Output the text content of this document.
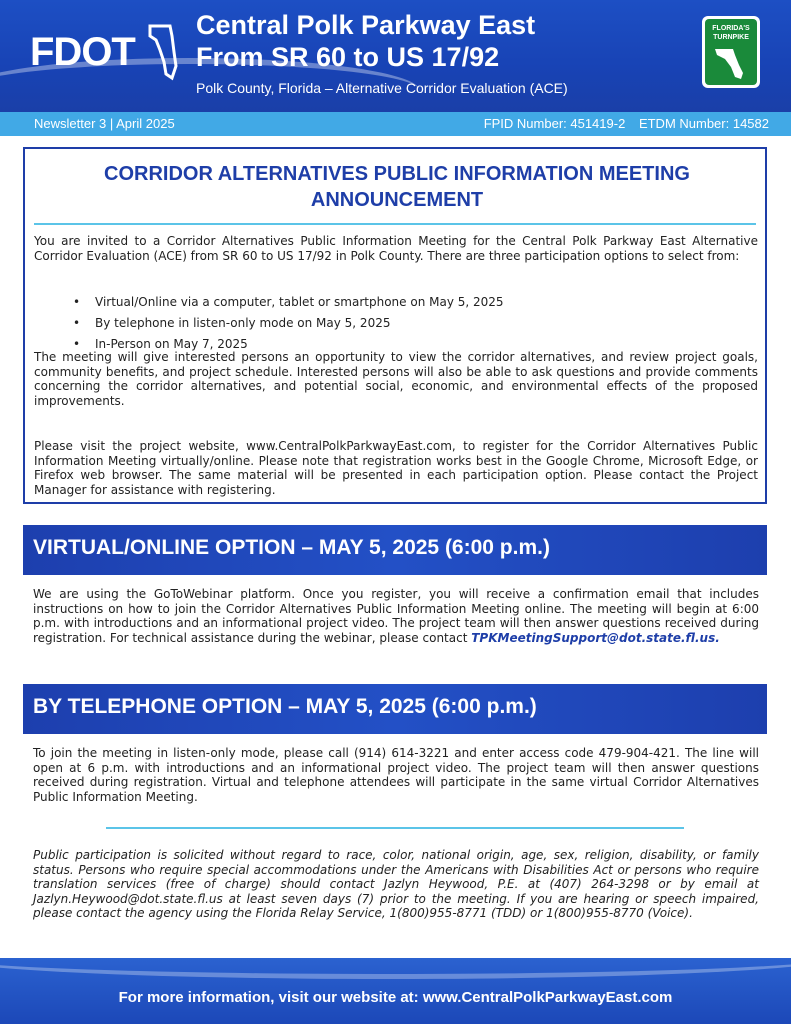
FDOT
Central Polk Parkway East
From SR 60 to US 17/92
Polk County, Florida – Alternative Corridor Evaluation (ACE)
FLORIDA'S TURNPIKE
Newsletter 3 | April 2025	FPID Number: 451419-2 ETDM Number: 14582
CORRIDOR ALTERNATIVES PUBLIC INFORMATION MEETING ANNOUNCEMENT

You are invited to a Corridor Alternatives Public Information Meeting for the Central Polk Parkway East Alternative Corridor Evaluation (ACE) from SR 60 to US 17/92 in Polk County. There are three participation options to select from:

• Virtual/Online via a computer, tablet or smartphone on May 5, 2025
• By telephone in listen-only mode on May 5, 2025
• In-Person on May 7, 2025

The meeting will give interested persons an opportunity to view the corridor alternatives, and review project goals, community benefits, and project schedule. Interested persons will also be able to ask questions and provide comments concerning the corridor alternatives, and potential social, economic, and environmental effects of the proposed improvements.

Please visit the project website, www.CentralPolkParkwayEast.com, to register for the Corridor Alternatives Public Information Meeting virtually/online. Please note that registration works best in the Google Chrome, Microsoft Edge, or Firefox web browser. The same material will be presented in each participation option. Please contact the Project Manager for assistance with registering.

VIRTUAL/ONLINE OPTION – MAY 5, 2025 (6:00 p.m.)

We are using the GoToWebinar platform. Once you register, you will receive a confirmation email that includes instructions on how to join the Corridor Alternatives Public Information Meeting online. The meeting will begin at 6:00 p.m. with introductions and an informational project video. The project team will then answer questions received during registration. For technical assistance during the webinar, please contact TPKMeetingSupport@dot.state.fl.us.

BY TELEPHONE OPTION – MAY 5, 2025 (6:00 p.m.)

To join the meeting in listen-only mode, please call (914) 614-3221 and enter access code 479-904-421. The line will open at 6 p.m. with introductions and an informational project video. The project team will then answer questions received during registration. Virtual and telephone attendees will participate in the same virtual Corridor Alternatives Public Information Meeting.

Public participation is solicited without regard to race, color, national origin, age, sex, religion, disability, or family status. Persons who require special accommodations under the Americans with Disabilities Act or persons who require translation services (free of charge) should contact Jazlyn Heywood, P.E. at (407) 264-3298 or by email at Jazlyn.Heywood@dot.state.fl.us at least seven days (7) prior to the meeting. If you are hearing or speech impaired, please contact the agency using the Florida Relay Service, 1(800)955-8771 (TDD) or 1(800)955-8770 (Voice).

For more information, visit our website at: www.CentralPolkParkwayEast.com
